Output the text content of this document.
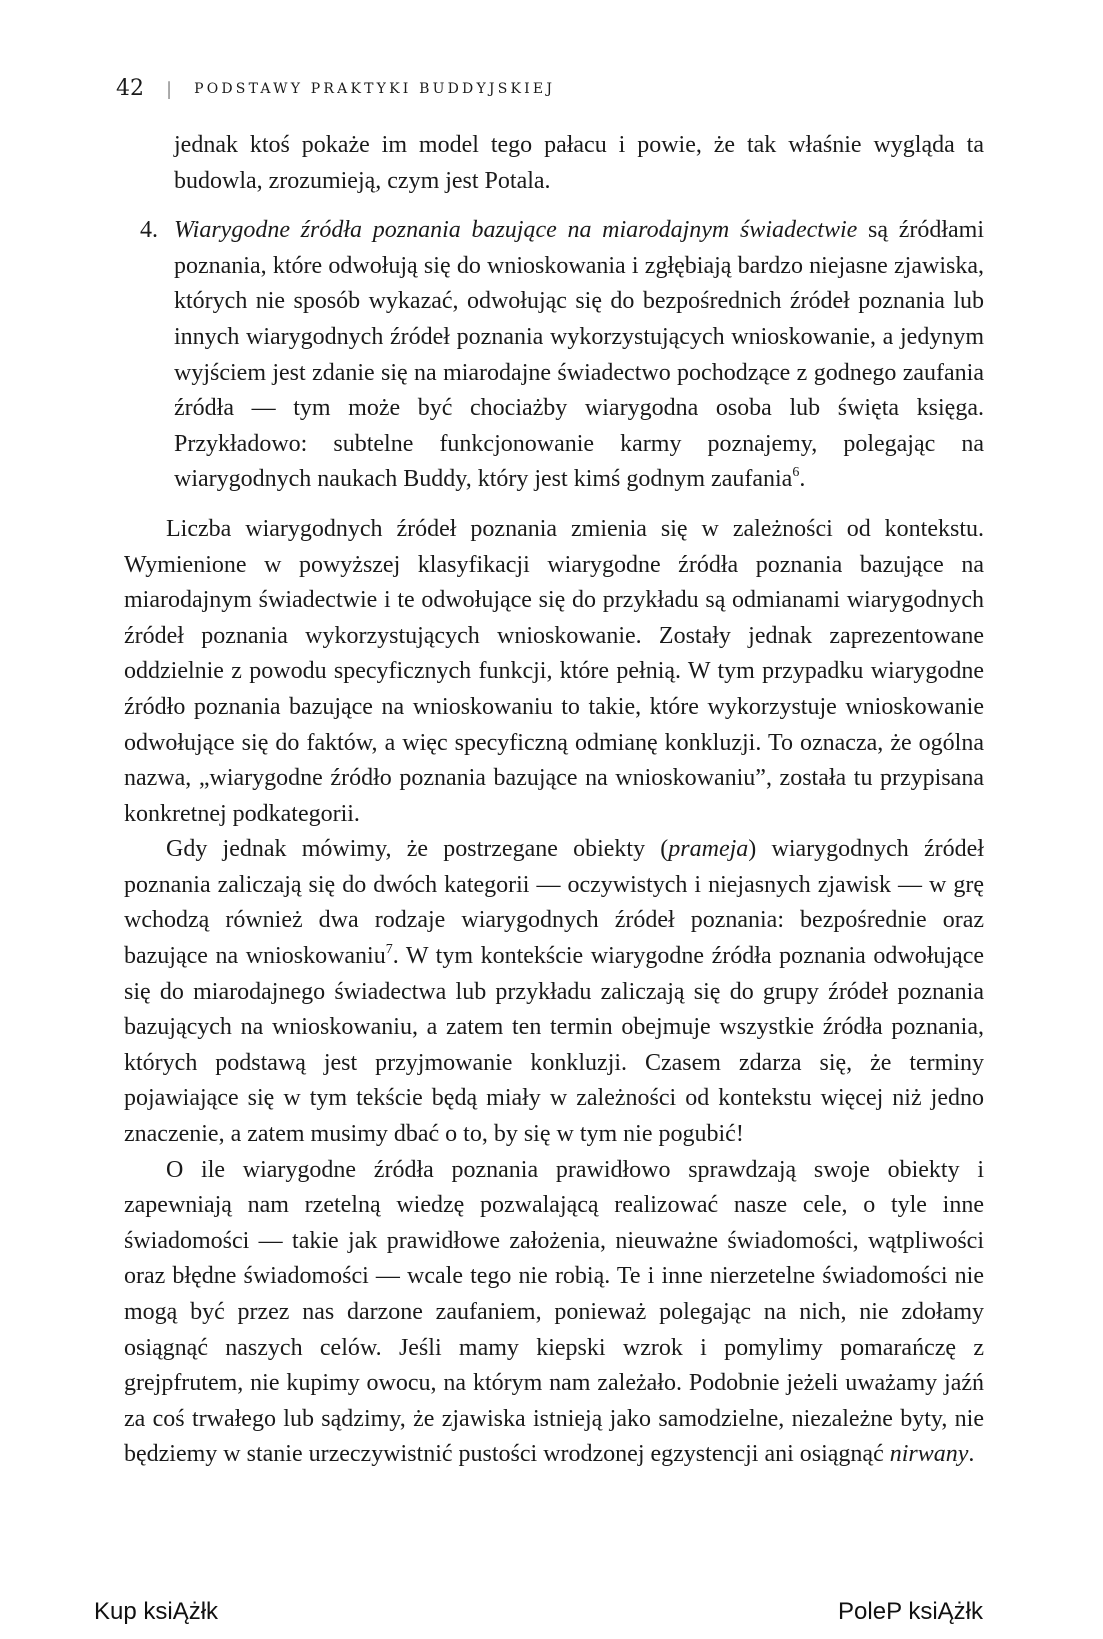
42 | PODSTAWY PRAKTYKI BUDDYJSKIEJ

jednak ktoś pokaże im model tego pałacu i powie, że tak właśnie wygląda ta budowla, zrozumieją, czym jest Potala.

4. Wiarygodne źródła poznania bazujące na miarodajnym świadectwie są źródłami poznania, które odwołują się do wnioskowania i zgłębiają bardzo niejasne zjawiska, których nie sposób wykazać, odwołując się do bezpośrednich źródeł poznania lub innych wiarygodnych źródeł poznania wykorzystujących wnioskowanie, a jedynym wyjściem jest zdanie się na miarodajne świadectwo pochodzące z godnego zaufania źródła — tym może być chociażby wiarygodna osoba lub święta księga. Przykładowo: subtelne funkcjonowanie karmy poznajemy, polegając na wiarygodnych naukach Buddy, który jest kimś godnym zaufania$^6$.

Liczba wiarygodnych źródeł poznania zmienia się w zależności od kontekstu. Wymienione w powyższej klasyfikacji wiarygodne źródła poznania bazujące na miarodajnym świadectwie i te odwołujące się do przykładu są odmianami wiarygodnych źródeł poznania wykorzystujących wnioskowanie. Zostały jednak zaprezentowane oddzielnie z powodu specyficznych funkcji, które pełnią. W tym przypadku wiarygodne źródło poznania bazujące na wnioskowaniu to takie, które wykorzystuje wnioskowanie odwołujące się do faktów, a więc specyficzną odmianę konkluzji. To oznacza, że ogólna nazwa, „wiarygodne źródło poznania bazujące na wnioskowaniu”, została tu przypisana konkretnej podkategorii.

Gdy jednak mówimy, że postrzegane obiekty (prameja) wiarygodnych źródeł poznania zaliczają się do dwóch kategorii — oczywistych i niejasnych zjawisk — w grę wchodzą również dwa rodzaje wiarygodnych źródeł poznania: bezpośrednie oraz bazujące na wnioskowaniu$^7$. W tym kontekście wiarygodne źródła poznania odwołujące się do miarodajnego świadectwa lub przykładu zaliczają się do grupy źródeł poznania bazujących na wnioskowaniu, a zatem ten termin obejmuje wszystkie źródła poznania, których podstawą jest przyjmowanie konkluzji. Czasem zdarza się, że terminy pojawiające się w tym tekście będą miały w zależności od kontekstu więcej niż jedno znaczenie, a zatem musimy dbać o to, by się w tym nie pogubić!

O ile wiarygodne źródła poznania prawidłowo sprawdzają swoje obiekty i zapewniają nam rzetelną wiedzę pozwalającą realizować nasze cele, o tyle inne świadomości — takie jak prawidłowe założenia, nieuważne świadomości, wątpliwości oraz błędne świadomości — wcale tego nie robią. Te i inne nierzetelne świadomości nie mogą być przez nas darzone zaufaniem, ponieważ polegając na nich, nie zdołamy osiągnąć naszych celów. Jeśli mamy kiepski wzrok i pomylimy pomarańczę z grejpfrutem, nie kupimy owocu, na którym nam zależało. Podobnie jeżeli uważamy jaźń za coś trwałego lub sądzimy, że zjawiska istnieją jako samodzielne, niezależne byty, nie będziemy w stanie urzeczywistnić pustości wrodzonej egzystencji ani osiągnąć nirwany.

Kup ksiĄżłk	PoleP ksiĄżłk
